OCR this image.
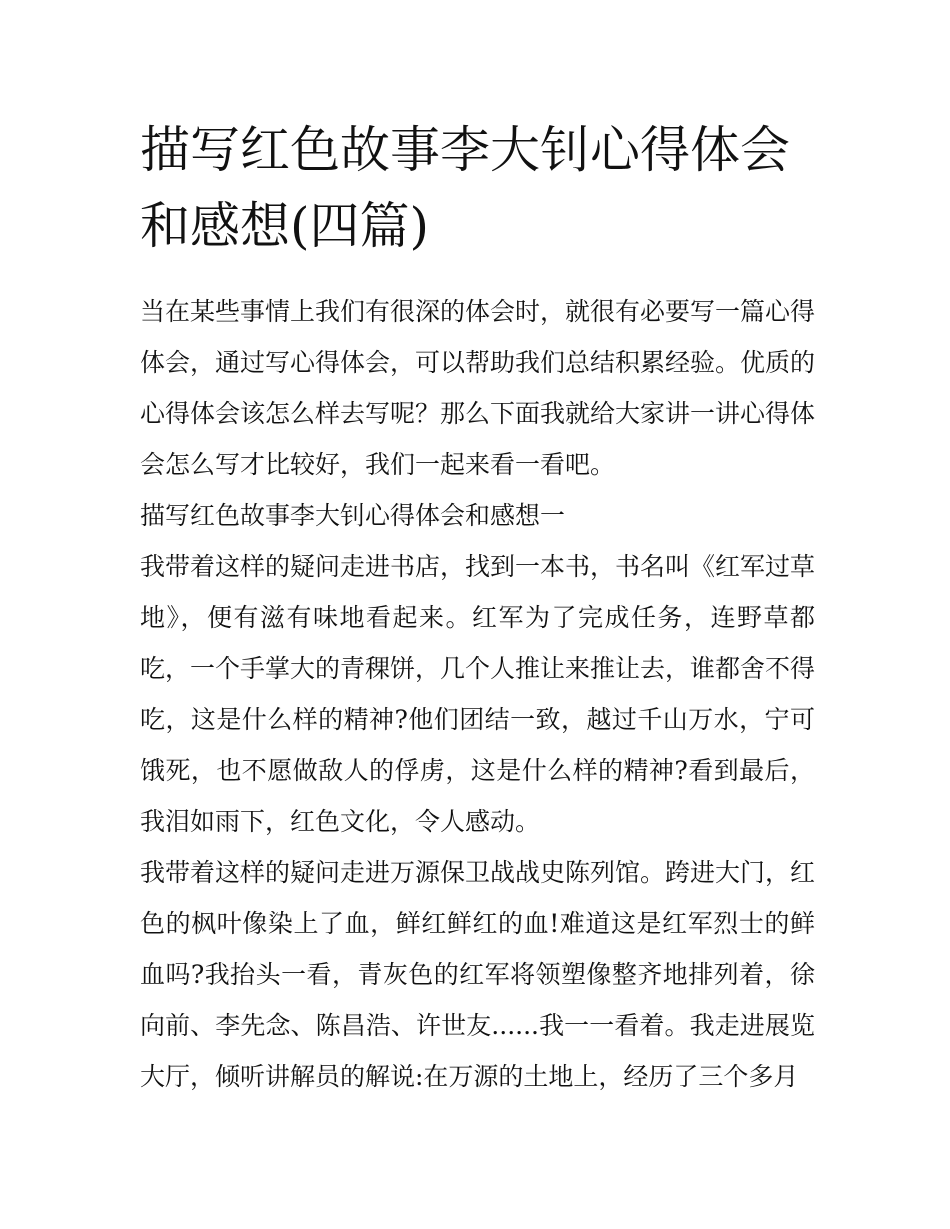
描写红色故事李大钊心得体会和感想(四篇)

当在某些事情上我们有很深的体会时，就很有必要写一篇心得体会，通过写心得体会，可以帮助我们总结积累经验。优质的心得体会该怎么样去写呢？那么下面我就给大家讲一讲心得体会怎么写才比较好，我们一起来看一看吧。

描写红色故事李大钊心得体会和感想一

我带着这样的疑问走进书店，找到一本书，书名叫《红军过草地》，便有滋有味地看起来。红军为了完成任务，连野草都吃，一个手掌大的青稞饼，几个人推让来推让去，谁都舍不得吃，这是什么样的精神?他们团结一致，越过千山万水，宁可饿死，也不愿做敌人的俘虏，这是什么样的精神?看到最后，我泪如雨下，红色文化，令人感动。

我带着这样的疑问走进万源保卫战战史陈列馆。跨进大门，红色的枫叶像染上了血，鲜红鲜红的血!难道这是红军烈士的鲜血吗?我抬头一看，青灰色的红军将领塑像整齐地排列着，徐向前、李先念、陈昌浩、许世友......我一一看着。我走进展览大厅，倾听讲解员的解说:在万源的土地上，经历了三个多月
